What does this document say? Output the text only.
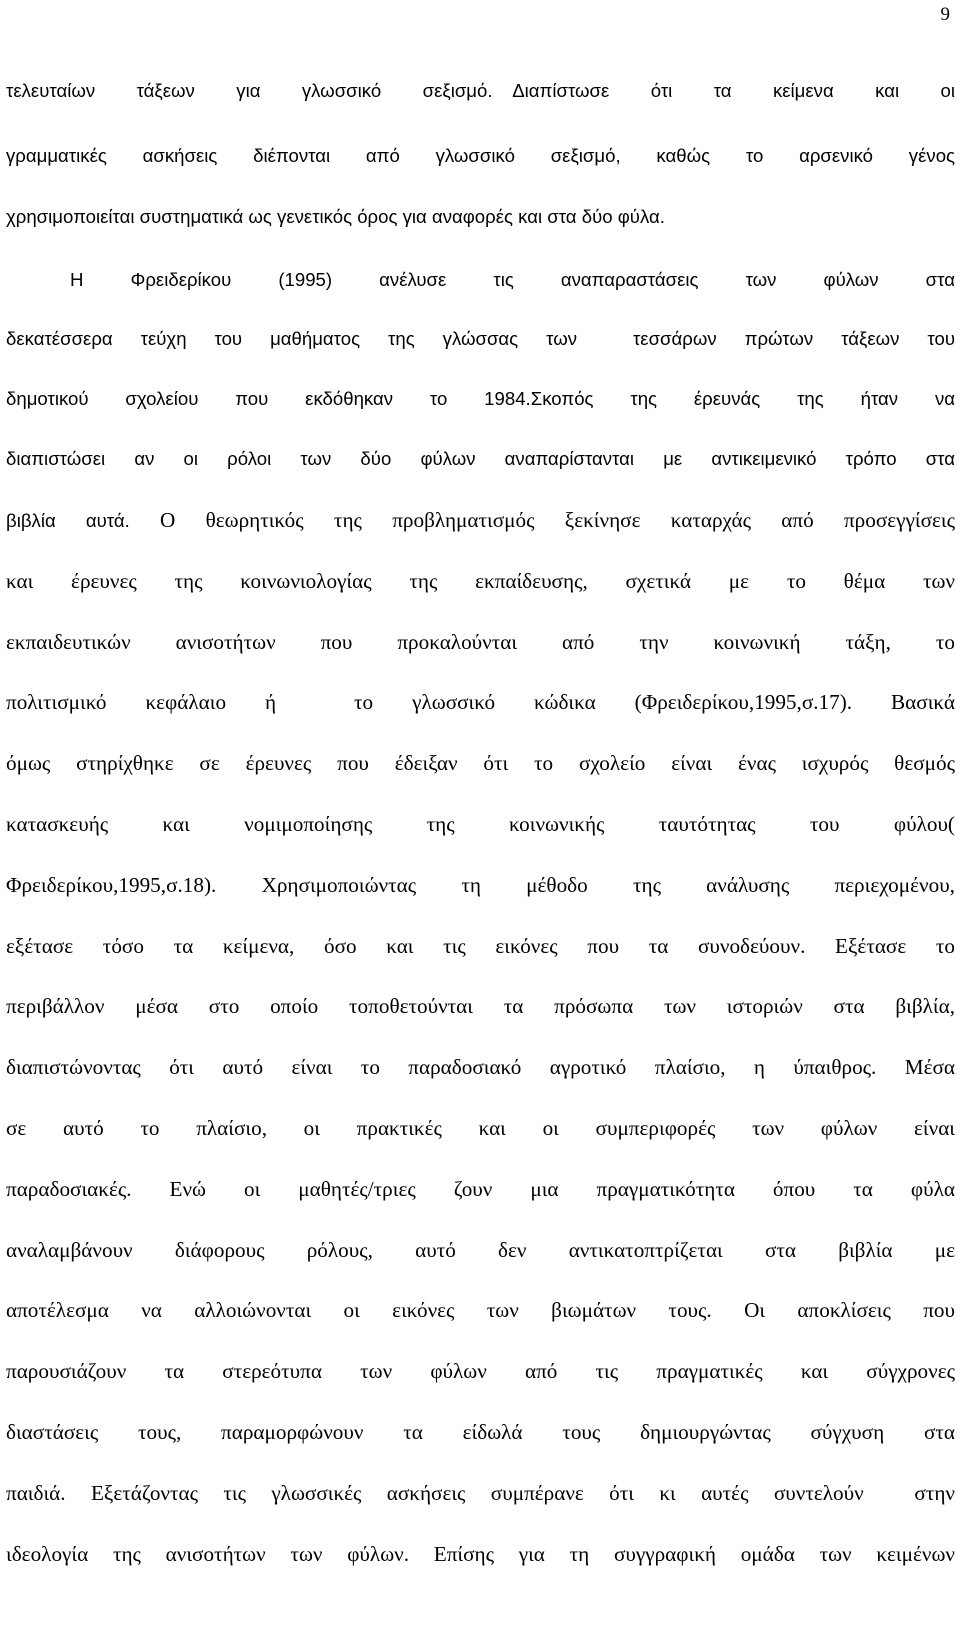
9
τελευταίων  τάξεων  για  γλωσσικό  σεξισμό. Διαπίστωσε  ότι  τα  κείμενα  και  οι
γραμματικές ασκήσεις διέπονται από γλωσσικό σεξισμό, καθώς το αρσενικό γένος
χρησιμοποιείται συστηματικά ως γενετικός όρος για αναφορές και στα δύο φύλα.
Η  Φρειδερίκου  (1995)  ανέλυσε  τις  αναπαραστάσεις  των  φύλων  στα
δεκατέσσερα τεύχη του μαθήματος της γλώσσας των  τεσσάρων πρώτων τάξεων του
δημοτικού  σχολείου  που  εκδόθηκαν  το  1984.Σκοπός  της  έρευνάς  της  ήταν  να
διαπιστώσει αν οι ρόλοι των δύο φύλων αναπαρίστανται με αντικειμενικό τρόπο στα
βιβλία αυτά. Ο θεωρητικός της προβληματισμός ξεκίνησε καταρχάς από προσεγγίσεις
και  έρευνες  της  κοινωνιολογίας  της  εκπαίδευσης,  σχετικά  με  το  θέμα  των
εκπαιδευτικών  ανισοτήτων  που  προκαλούνται  από  την  κοινωνική  τάξη,  το
πολιτισμικό  κεφάλαιο  ή    το  γλωσσικό  κώδικα  (Φρειδερίκου,1995,σ.17).  Βασικά
όμως στηρίχθηκε σε έρευνες που έδειξαν ότι το σχολείο είναι ένας ισχυρός θεσμός
κατασκευής  και  νομιμοποίησης  της  κοινωνικής  ταυτότητας  του  φύλου(
Φρειδερίκου,1995,σ.18). Χρησιμοποιώντας τη μέθοδο της ανάλυσης περιεχομένου,
εξέτασε  τόσο  τα  κείμενα,  όσο  και  τις  εικόνες  που  τα  συνοδεύουν.  Εξέτασε  το
περιβάλλον μέσα στο οποίο τοποθετούνται τα πρόσωπα των ιστοριών στα βιβλία,
διαπιστώνοντας ότι αυτό είναι το παραδοσιακό αγροτικό πλαίσιο, η ύπαιθρος. Μέσα
σε  αυτό  το  πλαίσιο,  οι  πρακτικές  και  οι  συμπεριφορές  των  φύλων  είναι
παραδοσιακές.  Ενώ  οι  μαθητές/τριες  ζουν  μια  πραγματικότητα  όπου  τα  φύλα
αναλαμβάνουν  διάφορους  ρόλους,  αυτό  δεν  αντικατοπτρίζεται  στα  βιβλία  με
αποτέλεσμα  να  αλλοιώνονται  οι  εικόνες  των  βιωμάτων  τους.  Οι  αποκλίσεις  που
παρουσιάζουν  τα  στερεότυπα  των  φύλων  από  τις  πραγματικές  και  σύγχρονες
διαστάσεις  τους,  παραμορφώνουν  τα  είδωλά  τους  δημιουργώντας  σύγχυση  στα
παιδιά. Εξετάζοντας τις γλωσσικές ασκήσεις συμπέρανε ότι κι αυτές συντελούν  στην
ιδεολογία της ανισοτήτων των φύλων. Επίσης για τη συγγραφική ομάδα των κειμένων
